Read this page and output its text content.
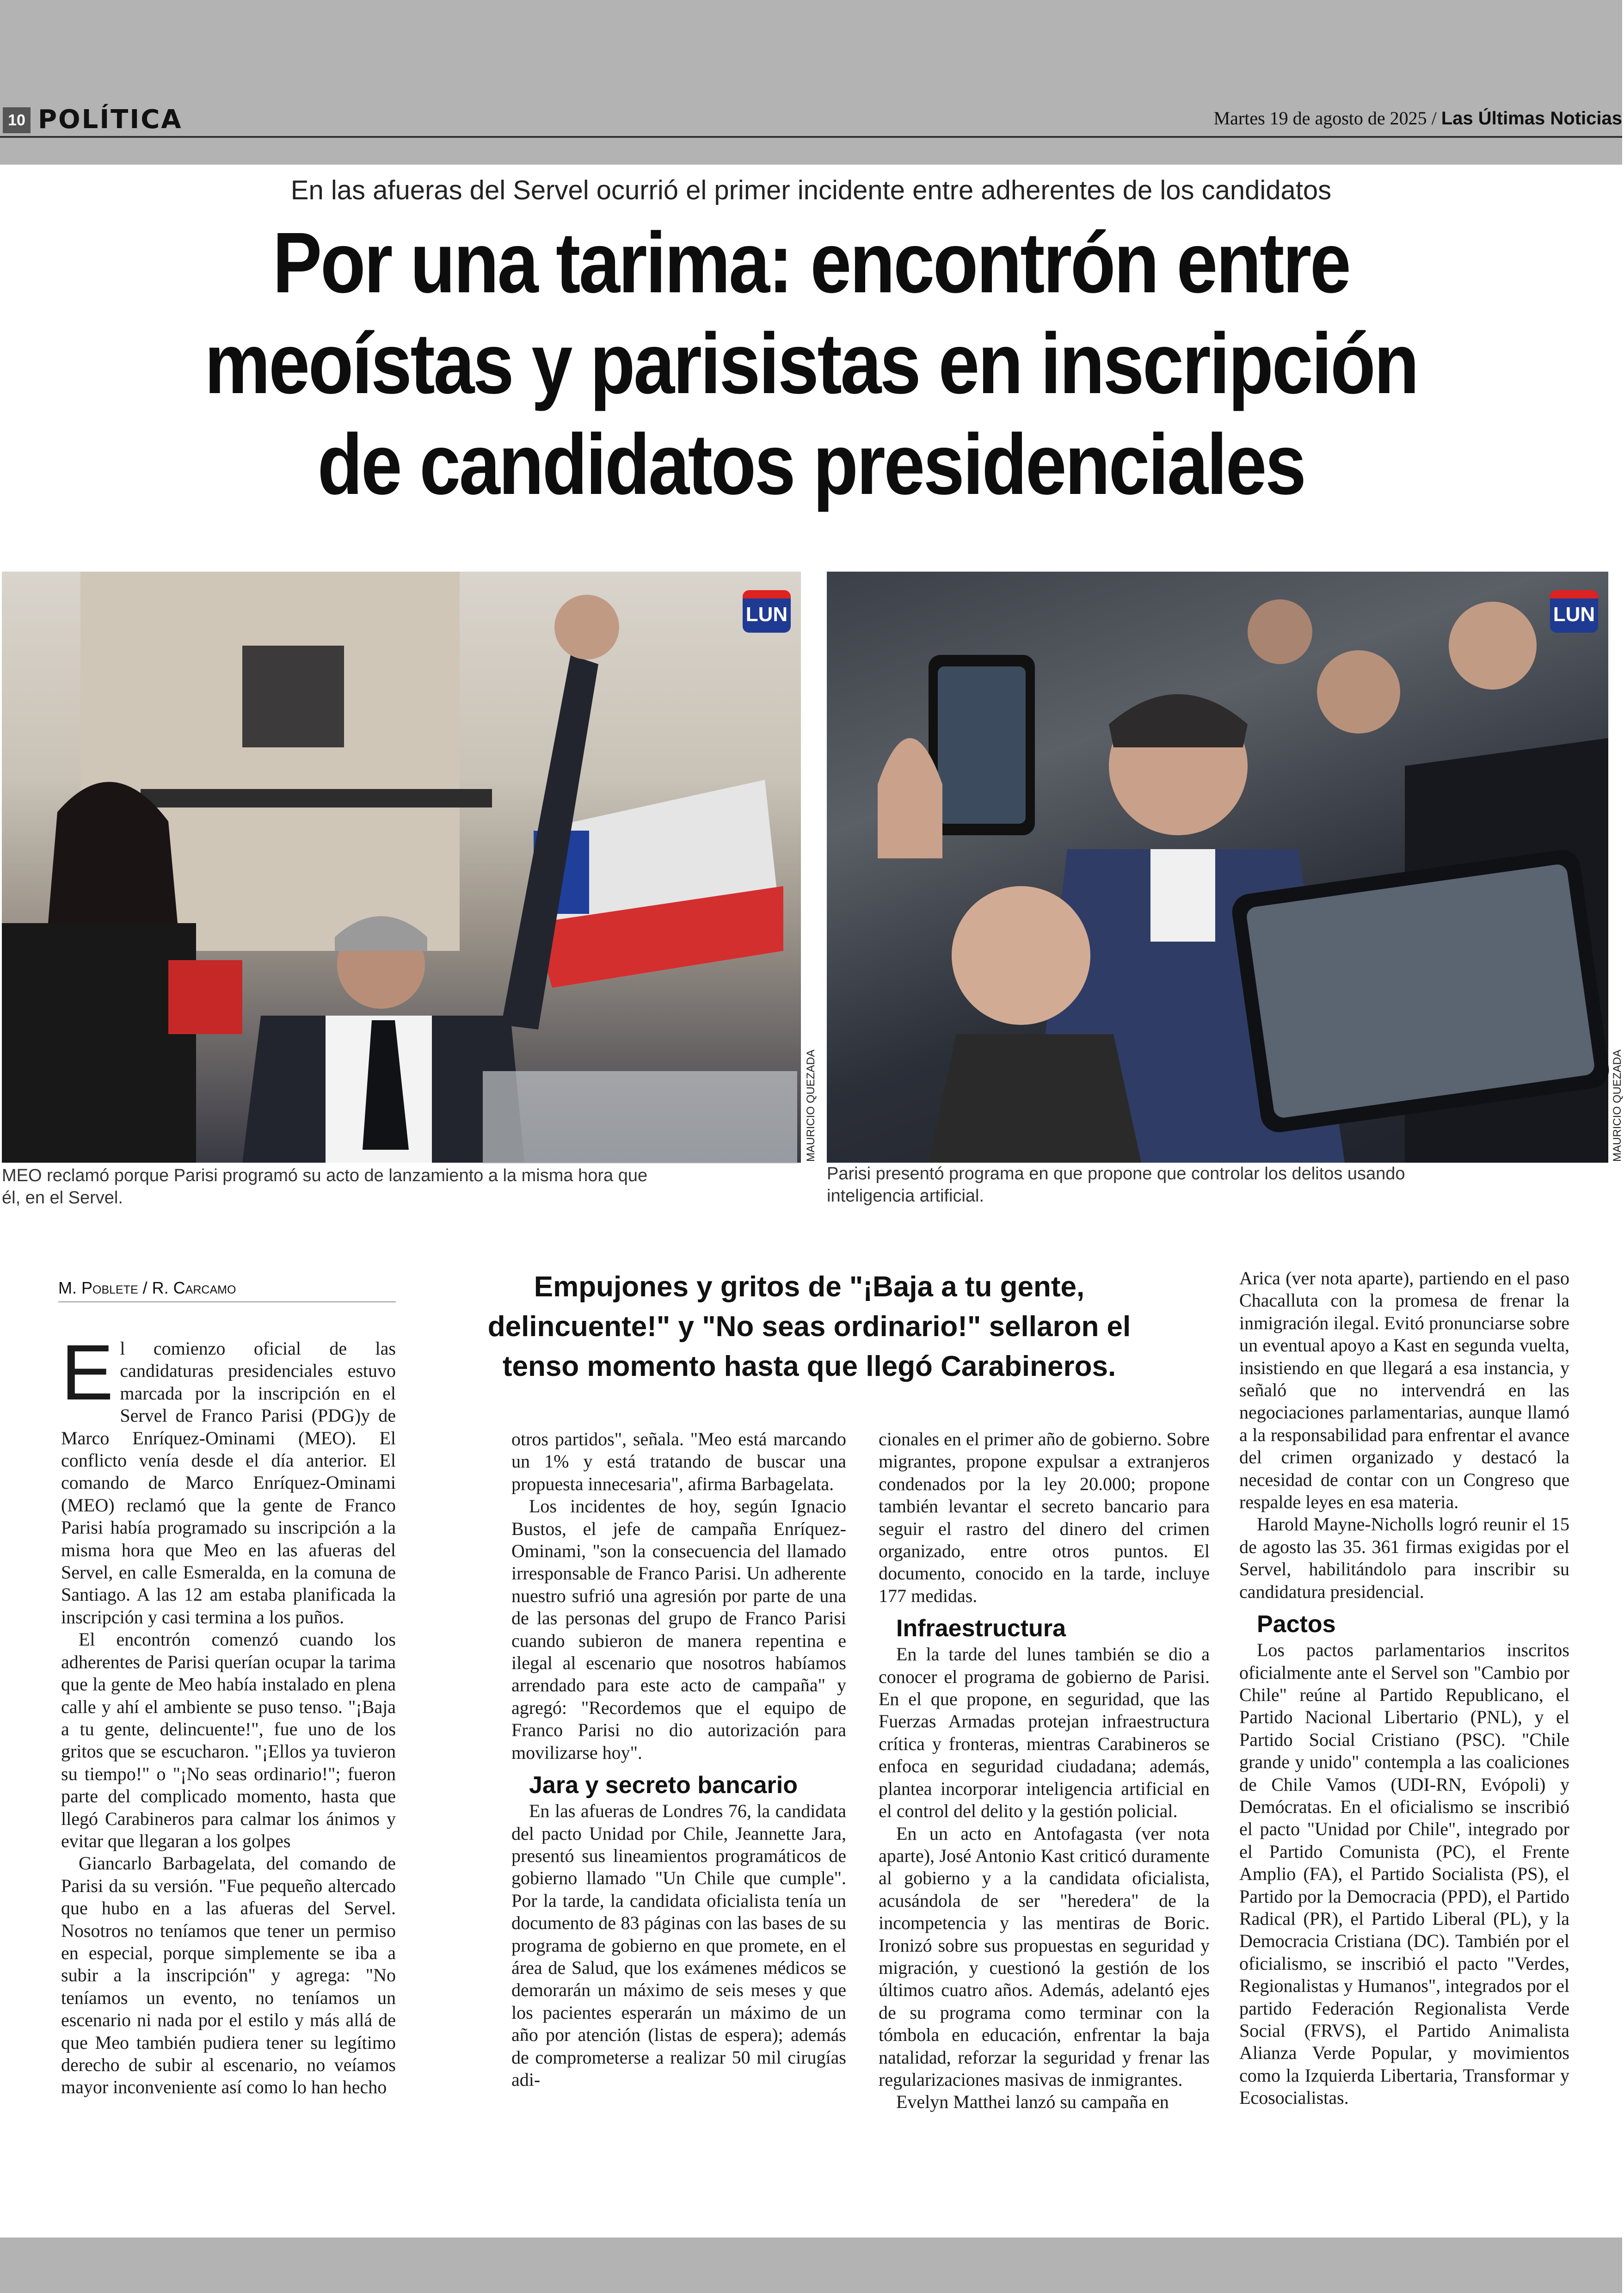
10 POLÍTICA	Martes 19 de agosto de 2025 / Las Últimas Noticias
En las afueras del Servel ocurrió el primer incidente entre adherentes de los candidatos
Por una tarima: encontrón entre meoístas y parisistas en inscripción de candidatos presidenciales
LUN
MAURICIO QUEZADA
MEO reclamó porque Parisi programó su acto de lanzamiento a la misma hora que él, en el Servel.
LUN
MAURICIO QUEZADA
Parisi presentó programa en que propone que controlar los delitos usando inteligencia artificial.
M. Poblete / R. Carcamo	Empujones y gritos de "¡Baja a tu gente, delincuente!" y "No seas ordinario!" sellaron el tenso momento hasta que llegó Carabineros.

El comienzo oficial de las candidaturas presidenciales estuvo marcada por la inscripción en el Servel de Franco Parisi (PDG)y de Marco Enríquez-Ominami (MEO). El conflicto venía desde el día anterior. El comando de Marco Enríquez-Ominami (MEO) reclamó que la gente de Franco Parisi había programado su inscripción a la misma hora que Meo en las afueras del Servel, en calle Esmeralda, en la comuna de Santiago. A las 12 am estaba planificada la inscripción y casi termina a los puños.

El encontrón comenzó cuando los adherentes de Parisi querían ocupar la tarima que la gente de Meo había instalado en plena calle y ahí el ambiente se puso tenso. "¡Baja a tu gente, delincuente!", fue uno de los gritos que se escucharon. "¡Ellos ya tuvieron su tiempo!" o "¡No seas ordinario!"; fueron parte del complicado momento, hasta que llegó Carabineros para calmar los ánimos y evitar que llegaran a los golpes

Giancarlo Barbagelata, del comando de Parisi da su versión. "Fue pequeño altercado que hubo en a las afueras del Servel. Nosotros no teníamos que tener un permiso en especial, porque simplemente se iba a subir a la inscripción" y agrega: "No teníamos un evento, no teníamos un escenario ni nada por el estilo y más allá de que Meo también pudiera tener su legítimo derecho de subir al escenario, no veíamos mayor inconveniente así como lo han hecho

otros partidos", señala. "Meo está marcando un 1% y está tratando de buscar una propuesta innecesaria", afirma Barbagelata.

Los incidentes de hoy, según Ignacio Bustos, el jefe de campaña Enríquez-Ominami, "son la consecuencia del llamado irresponsable de Franco Parisi. Un adherente nuestro sufrió una agresión por parte de una de las personas del grupo de Franco Parisi cuando subieron de manera repentina e ilegal al escenario que nosotros habíamos arrendado para este acto de campaña" y agregó: "Recordemos que el equipo de Franco Parisi no dio autorización para movilizarse hoy".

Jara y secreto bancario

En las afueras de Londres 76, la candidata del pacto Unidad por Chile, Jeannette Jara, presentó sus lineamientos programáticos de gobierno llamado "Un Chile que cumple". Por la tarde, la candidata oficialista tenía un documento de 83 páginas con las bases de su programa de gobierno en que promete, en el área de Salud, que los exámenes médicos se demorarán un máximo de seis meses y que los pacientes esperarán un máximo de un año por atención (listas de espera); además de comprometerse a realizar 50 mil cirugías adi-

cionales en el primer año de gobierno. Sobre migrantes, propone expulsar a extranjeros condenados por la ley 20.000; propone también levantar el secreto bancario para seguir el rastro del dinero del crimen organizado, entre otros puntos. El documento, conocido en la tarde, incluye 177 medidas.

Infraestructura

En la tarde del lunes también se dio a conocer el programa de gobierno de Parisi. En el que propone, en seguridad, que las Fuerzas Armadas protejan infraestructura crítica y fronteras, mientras Carabineros se enfoca en seguridad ciudadana; además, plantea incorporar inteligencia artificial en el control del delito y la gestión policial.

En un acto en Antofagasta (ver nota aparte), José Antonio Kast criticó duramente al gobierno y a la candidata oficialista, acusándola de ser "heredera" de la incompetencia y las mentiras de Boric. Ironizó sobre sus propuestas en seguridad y migración, y cuestionó la gestión de los últimos cuatro años. Además, adelantó ejes de su programa como terminar con la tómbola en educación, enfrentar la baja natalidad, reforzar la seguridad y frenar las regularizaciones masivas de inmigrantes.

Evelyn Matthei lanzó su campaña en

Arica (ver nota aparte), partiendo en el paso Chacalluta con la promesa de frenar la inmigración ilegal. Evitó pronunciarse sobre un eventual apoyo a Kast en segunda vuelta, insistiendo en que llegará a esa instancia, y señaló que no intervendrá en las negociaciones parlamentarias, aunque llamó a la responsabilidad para enfrentar el avance del crimen organizado y destacó la necesidad de contar con un Congreso que respalde leyes en esa materia.

Harold Mayne-Nicholls logró reunir el 15 de agosto las 35. 361 firmas exigidas por el Servel, habilitándolo para inscribir su candidatura presidencial.

Pactos

Los pactos parlamentarios inscritos oficialmente ante el Servel son "Cambio por Chile" reúne al Partido Republicano, el Partido Nacional Libertario (PNL), y el Partido Social Cristiano (PSC). "Chile grande y unido" contempla a las coaliciones de Chile Vamos (UDI-RN, Evópoli) y Demócratas. En el oficialismo se inscribió el pacto "Unidad por Chile", integrado por el Partido Comunista (PC), el Frente Amplio (FA), el Partido Socialista (PS), el Partido por la Democracia (PPD), el Partido Radical (PR), el Partido Liberal (PL), y la Democracia Cristiana (DC). También por el oficialismo, se inscribió el pacto "Verdes, Regionalistas y Humanos", integrados por el partido Federación Regionalista Verde Social (FRVS), el Partido Animalista Alianza Verde Popular, y movimientos como la Izquierda Libertaria, Transformar y Ecosocialistas.
